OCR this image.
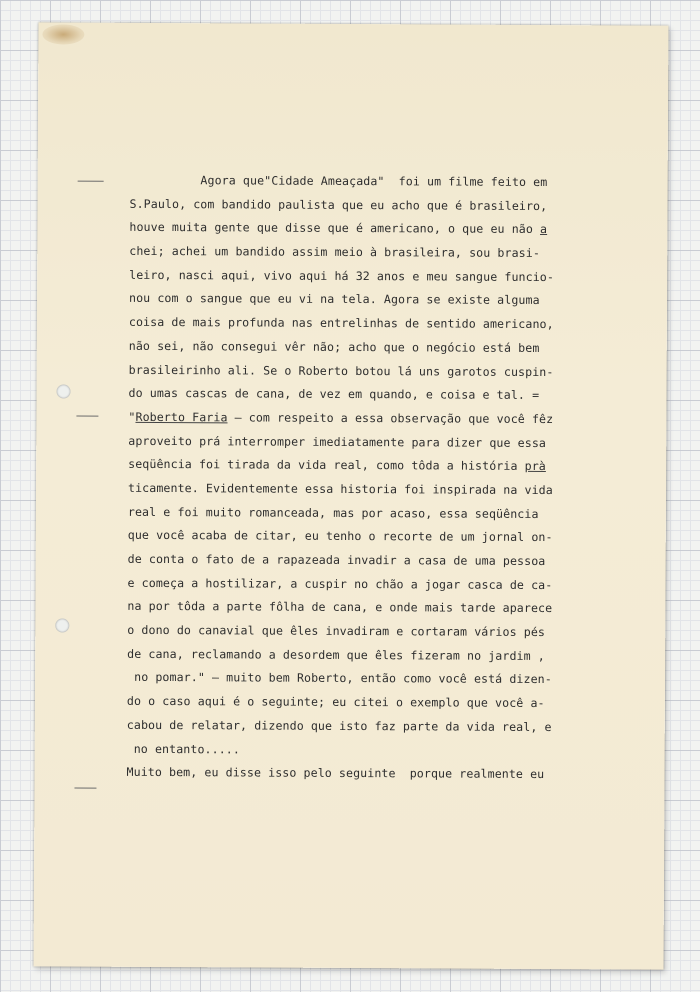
Agora que"Cidade Ameaçada"  foi um filme feito em
S.Paulo, com bandido paulista que eu acho que é brasileiro,
houve muita gente que disse que é americano, o que eu não a
chei; achei um bandido assim meio à brasileira, sou brasi-
leiro, nasci aqui, vivo aqui há 32 anos e meu sangue funcio-
nou com o sangue que eu vi na tela. Agora se existe alguma
coisa de mais profunda nas entrelinhas de sentido americano,
não sei, não consegui vêr não; acho que o negócio está bem
brasileirinho ali. Se o Roberto botou lá uns garotos cuspin-
do umas cascas de cana, de vez em quando, e coisa e tal. =
"Roberto Faria — com respeito a essa observação que você fêz
aproveito prá interromper imediatamente para dizer que essa
seqüência foi tirada da vida real, como tôda a história prà
ticamente. Evidentemente essa historia foi inspirada na vida
real e foi muito romanceada, mas por acaso, essa seqüência
que você acaba de citar, eu tenho o recorte de um jornal on-
de conta o fato de a rapazeada invadir a casa de uma pessoa
e começa a hostilizar, a cuspir no chão a jogar casca de ca-
na por tôda a parte fôlha de cana, e onde mais tarde aparece
o dono do canavial que êles invadiram e cortaram vários pés
de cana, reclamando a desordem que êles fizeram no jardim ,
no pomar." — muito bem Roberto, então como você está dizen-
do o caso aqui é o seguinte; eu citei o exemplo que você a-
cabou de relatar, dizendo que isto faz parte da vida real, e
no entanto.....
Muito bem, eu disse isso pelo seguinte  porque realmente eu
